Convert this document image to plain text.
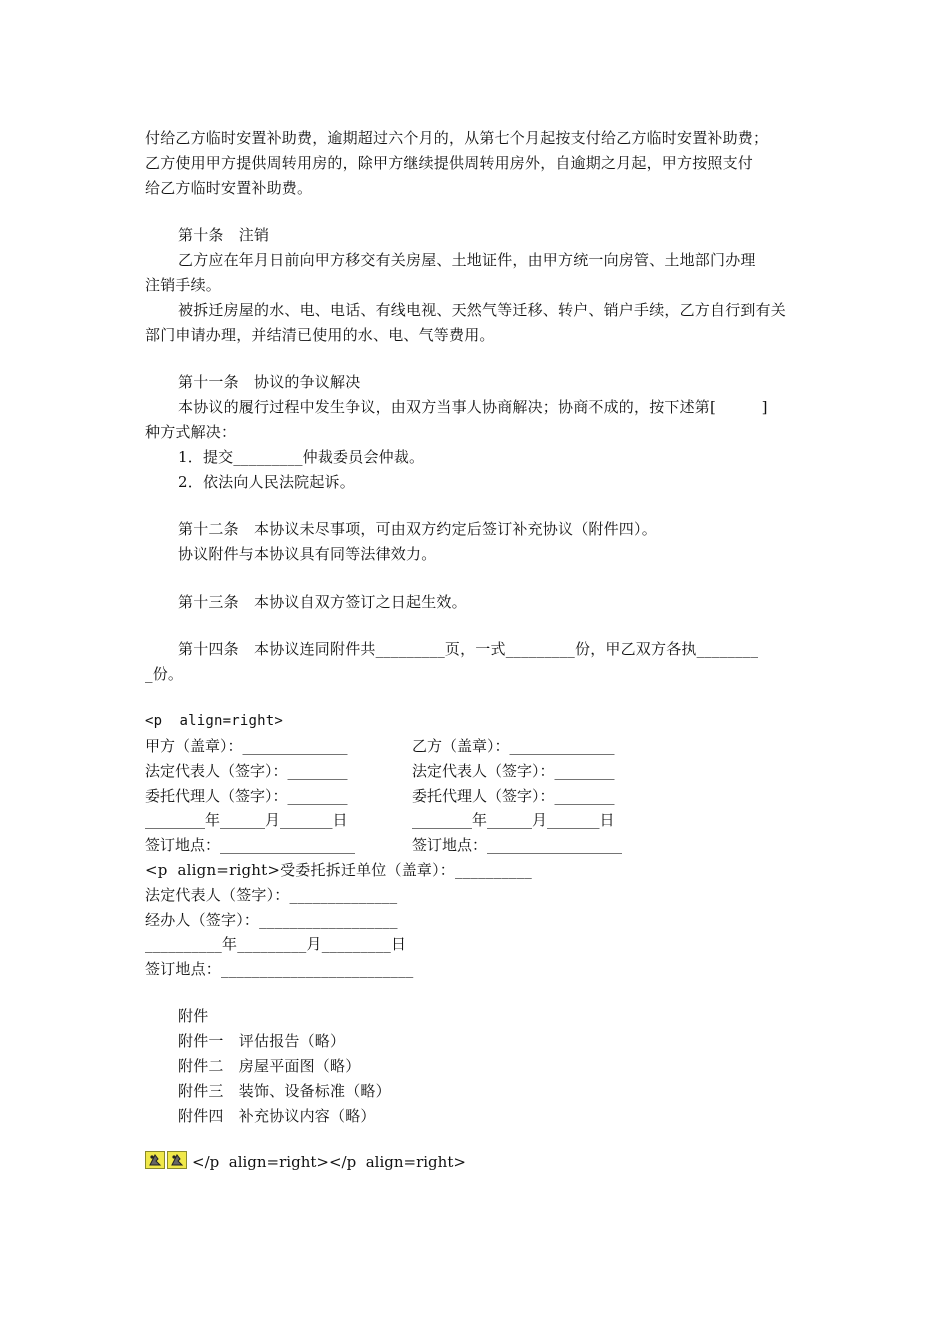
付给乙方临时安置补助费，逾期超过六个月的，从第七个月起按支付给乙方临时安置补助费；
乙方使用甲方提供周转用房的，除甲方继续提供周转用房外，自逾期之月起，甲方按照支付
给乙方临时安置补助费。
第十条　注销
乙方应在年月日前向甲方移交有关房屋、土地证件，由甲方统一向房管、土地部门办理
注销手续。
被拆迁房屋的水、电、电话、有线电视、天然气等迁移、转户、销户手续，乙方自行到有关
部门申请办理，并结清已使用的水、电、气等费用。
第十一条　协议的争议解决
本协议的履行过程中发生争议，由双方当事人协商解决；协商不成的，按下述第[　　　]
种方式解决：
1．提交_________仲裁委员会仲裁。
2．依法向人民法院起诉。
第十二条　本协议未尽事项，可由双方约定后签订补充协议（附件四）。
协议附件与本协议具有同等法律效力。
第十三条　本协议自双方签订之日起生效。
第十四条　本协议连同附件共_________页，一式_________份，甲乙双方各执________
_份。
<p  align=right>
甲方（盖章）：______________	乙方（盖章）：______________
法定代表人（签字）：________	法定代表人（签字）：________
委托代理人（签字）：________	委托代理人（签字）：________
________年______月_______日	________年______月_______日
签订地点：__________________	签订地点：__________________
<p  align=right>受委托拆迁单位（盖章）：__________
法定代表人（签字）：______________
经办人（签字）：__________________
__________年_________月_________日
签订地点：_________________________
附件
附件一　评估报告（略）
附件二　房屋平面图（略）
附件三　装饰、设备标准（略）
附件四　补充协议内容（略）
</p  align=right></p  align=right>
